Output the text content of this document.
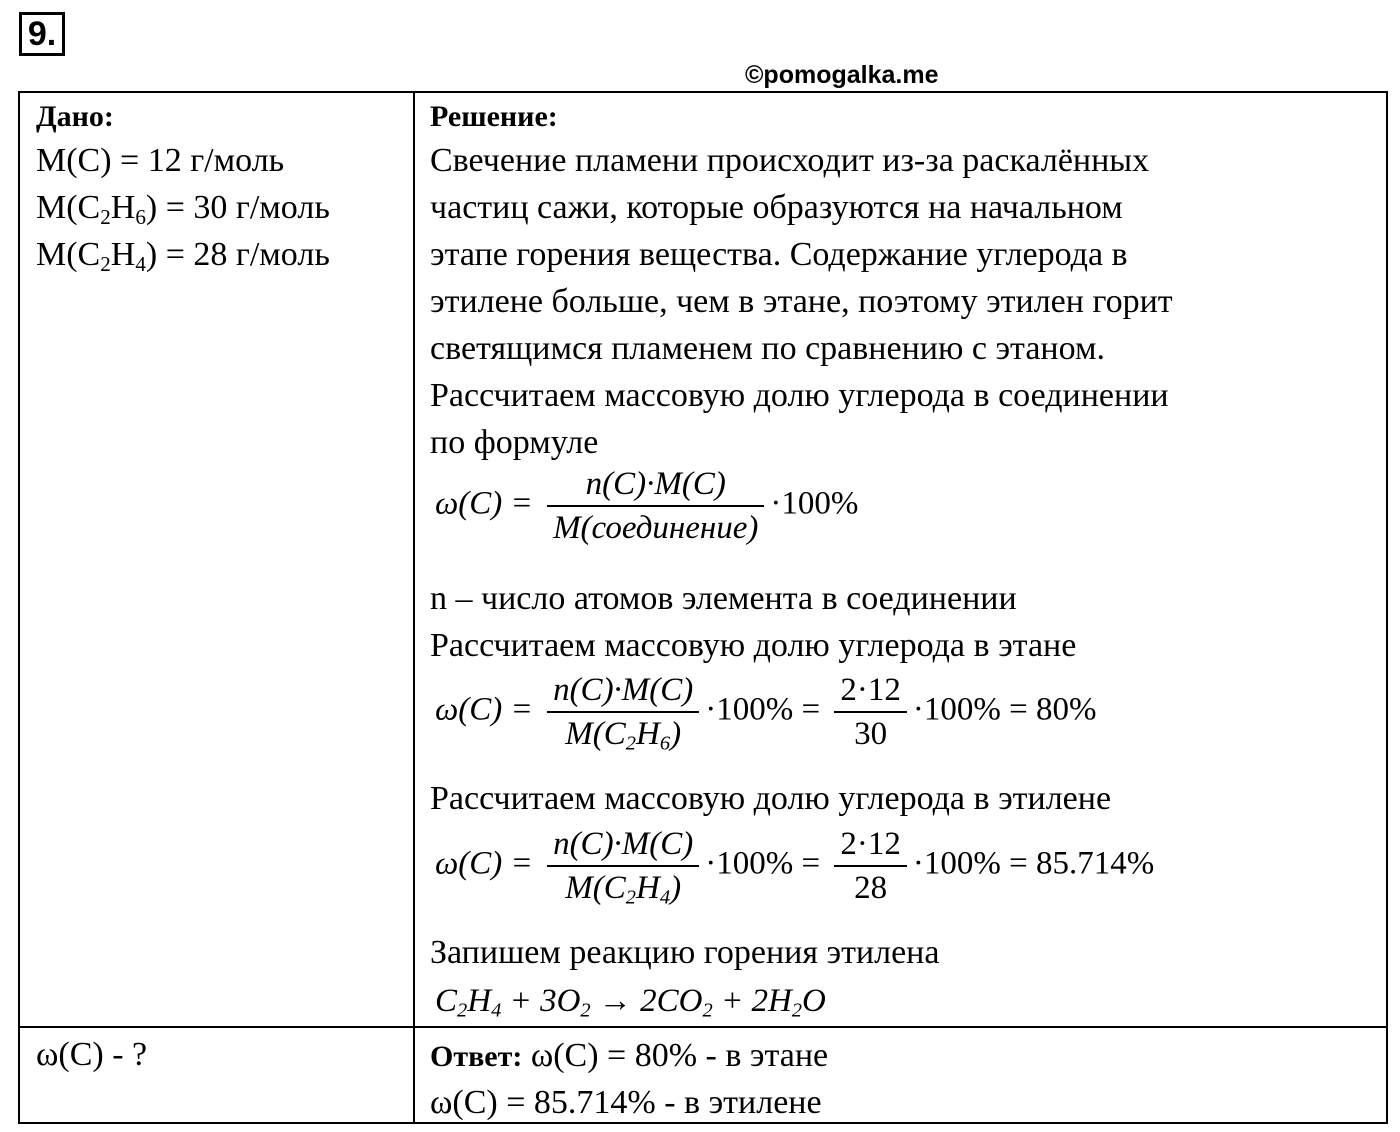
9.
©pomogalka.me
Дано:
M(C) = 12 г/моль
$M(C_2H_6) = 30$ г/моль
$M(C_2H_4) = 28$ г/моль
ω(C) - ?
Решение:
Свечение пламени происходит из-за раскалённых
частиц сажи, которые образуются на начальном
этапе горения вещества. Содержание углерода в
этилене больше, чем в этане, поэтому этилен горит
светящимся пламенем по сравнению с этаном.
Рассчитаем массовую долю углерода в соединении
по формуле
$\omega(C) = \frac{n(C)\cdot M(C)}{\text{M(соединение)}} \cdot 100\%$
n – число атомов элемента в соединении
Рассчитаем массовую долю углерода в этане
$\omega(C) = \frac{n(C)\cdot M(C)}{M(C_2H_6)} \cdot 100\% = \frac{2\cdot 12}{30} \cdot 100\% = 80\%$
Рассчитаем массовую долю углерода в этилене
$\omega(C) = \frac{n(C)\cdot M(C)}{M(C_2H_4)} \cdot 100\% = \frac{2\cdot 12}{28} \cdot 100\% = 85.714\%$
Запишем реакцию горения этилена
$C_2H_4 + 3O_2 \to 2CO_2 + 2H_2O$
Ответ: ω(C) = 80% - в этане
ω(C) = 85.714% - в этилене
